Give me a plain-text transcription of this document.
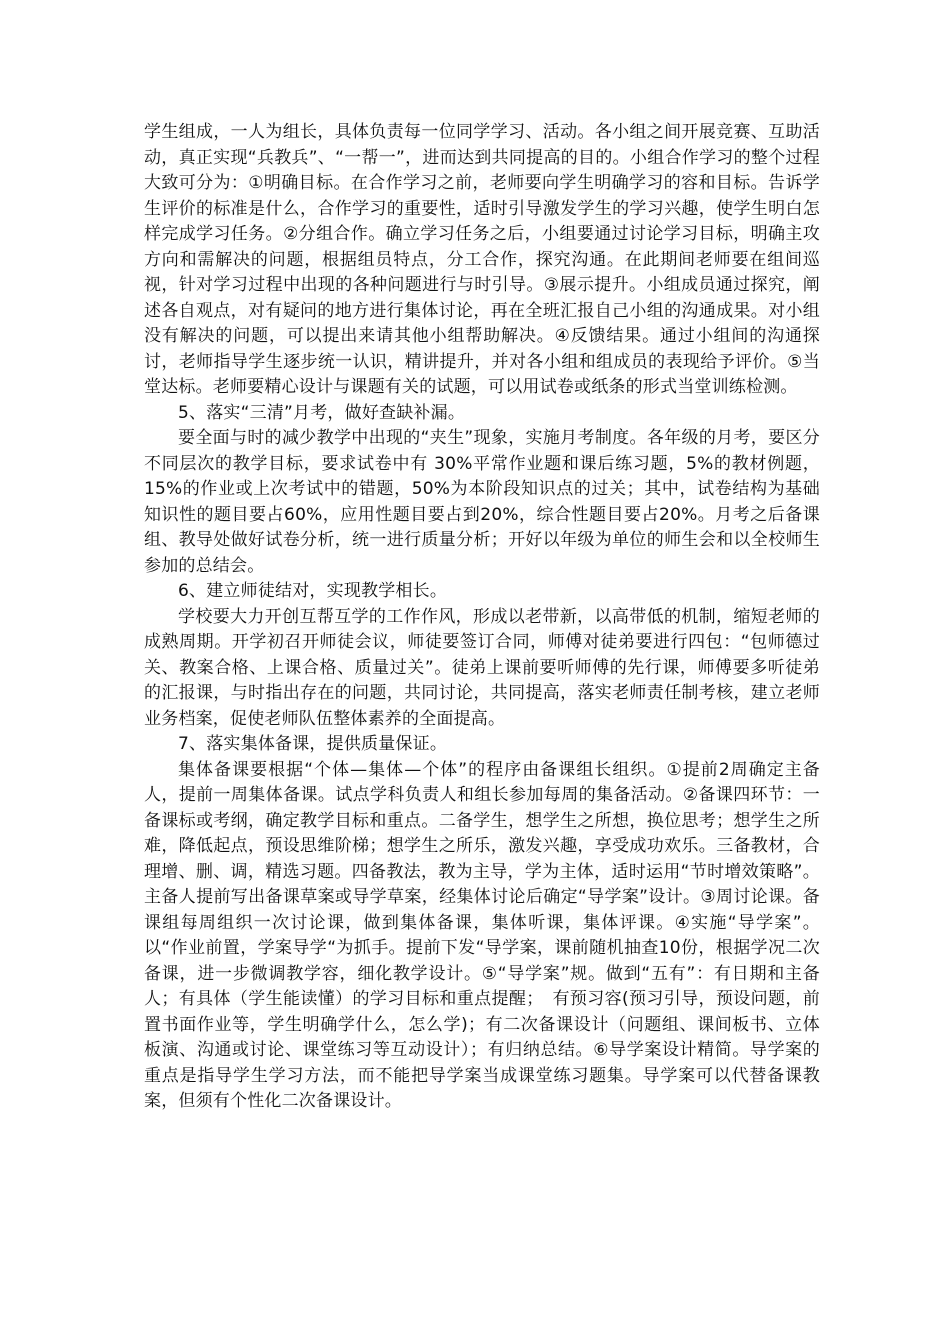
学生组成，一人为组长，具体负责每一位同学学习、活动。各小组之间开展竞赛、互助活动，真正实现“兵教兵”、“一帮一”，进而达到共同提高的目的。小组合作学习的整个过程大致可分为：①明确目标。在合作学习之前，老师要向学生明确学习的容和目标。告诉学生评价的标准是什么，合作学习的重要性，适时引导激发学生的学习兴趣，使学生明白怎样完成学习任务。②分组合作。确立学习任务之后，小组要通过讨论学习目标，明确主攻方向和需解决的问题，根据组员特点，分工合作，探究沟通。在此期间老师要在组间巡视，针对学习过程中出现的各种问题进行与时引导。③展示提升。小组成员通过探究，阐述各自观点，对有疑问的地方进行集体讨论，再在全班汇报自己小组的沟通成果。对小组没有解决的问题，可以提出来请其他小组帮助解决。④反馈结果。通过小组间的沟通探讨，老师指导学生逐步统一认识，精讲提升，并对各小组和组成员的表现给予评价。⑤当堂达标。老师要精心设计与课题有关的试题，可以用试卷或纸条的形式当堂训练检测。

5、落实“三清”月考，做好查缺补漏。

要全面与时的减少教学中出现的“夹生”现象，实施月考制度。各年级的月考，要区分不同层次的教学目标，要求试卷中有 30%平常作业题和课后练习题，5%的教材例题，15%的作业或上次考试中的错题，50%为本阶段知识点的过关；其中，试卷结构为基础知识性的题目要占60%，应用性题目要占到20%，综合性题目要占20%。月考之后备课组、教导处做好试卷分析，统一进行质量分析；开好以年级为单位的师生会和以全校师生参加的总结会。

6、建立师徒结对，实现教学相长。

学校要大力开创互帮互学的工作作风，形成以老带新，以高带低的机制，缩短老师的成熟周期。开学初召开师徒会议，师徒要签订合同，师傅对徒弟要进行四包：“包师德过关、教案合格、上课合格、质量过关”。徒弟上课前要听师傅的先行课，师傅要多听徒弟的汇报课，与时指出存在的问题，共同讨论，共同提高，落实老师责任制考核，建立老师业务档案，促使老师队伍整体素养的全面提高。

7、落实集体备课，提供质量保证。

集体备课要根据“个体—集体—个体”的程序由备课组长组织。①提前2周确定主备人，提前一周集体备课。试点学科负责人和组长参加每周的集备活动。②备课四环节：一备课标或考纲，确定教学目标和重点。二备学生，想学生之所想，换位思考；想学生之所难，降低起点，预设思维阶梯；想学生之所乐，激发兴趣，享受成功欢乐。三备教材，合理增、删、调，精选习题。四备教法，教为主导，学为主体，适时运用“节时增效策略”。主备人提前写出备课草案或导学草案，经集体讨论后确定“导学案”设计。③周讨论课。备课组每周组织一次讨论课，做到集体备课，集体听课，集体评课。④实施“导学案”。以“作业前置，学案导学“为抓手。提前下发“导学案，课前随机抽查10份，根据学况二次备课，进一步微调教学容，细化教学设计。⑤“导学案”规。做到“五有”：有日期和主备人；有具体（学生能读懂）的学习目标和重点提醒；　有预习容(预习引导，预设问题，前置书面作业等，学生明确学什么，怎么学)；有二次备课设计（问题组、课间板书、立体板演、沟通或讨论、课堂练习等互动设计）；有归纳总结。⑥导学案设计精简。导学案的重点是指导学生学习方法，而不能把导学案当成课堂练习题集。导学案可以代替备课教案，但须有个性化二次备课设计。
